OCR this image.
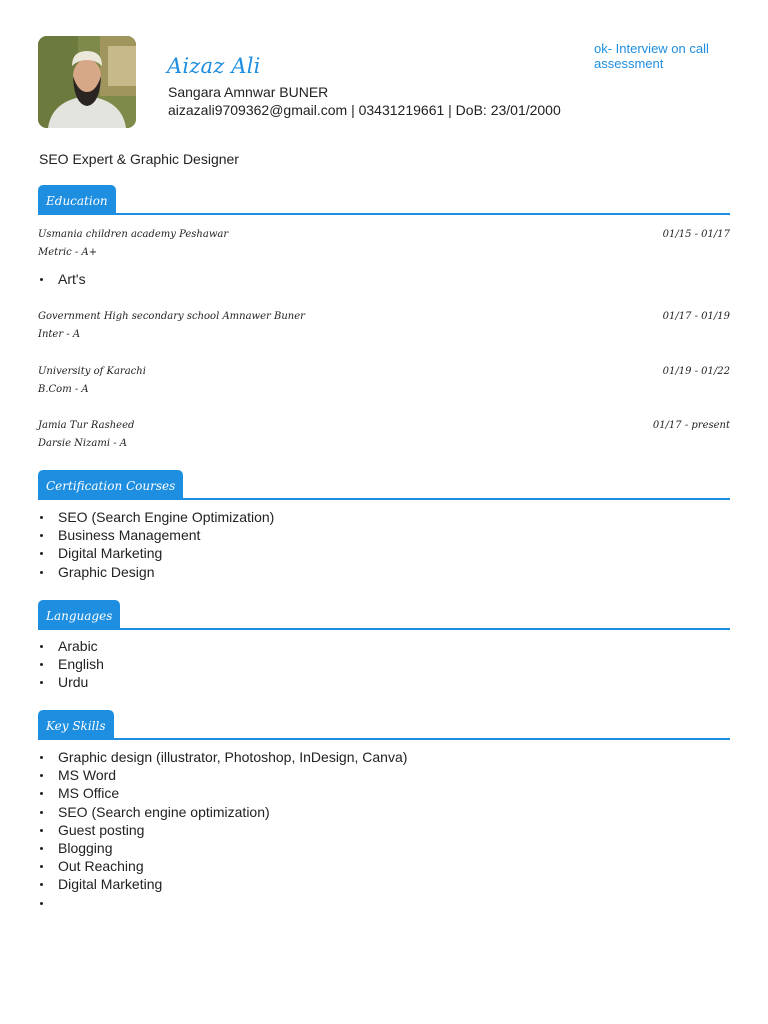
Aizaz Ali
Sangara Amnwar BUNER
aizazali9709362@gmail.com | 03431219661 | DoB: 23/01/2000
ok- Interview on call assessment
SEO Expert & Graphic Designer
Education
Usmania children academy Peshawar	01/15 - 01/17
Metric - A+
Art's
Government High secondary school Amnawer Buner	01/17 - 01/19
Inter - A
University of Karachi	01/19 - 01/22
B.Com - A
Jamia Tur Rasheed	01/17 - present
Darsie Nizami - A
Certification Courses
SEO (Search Engine Optimization)
Business Management
Digital Marketing
Graphic Design
Languages
Arabic
English
Urdu
Key Skills
Graphic design (illustrator, Photoshop, InDesign, Canva)
MS Word
MS Office
SEO (Search engine optimization)
Guest posting
Blogging
Out Reaching
Digital Marketing
